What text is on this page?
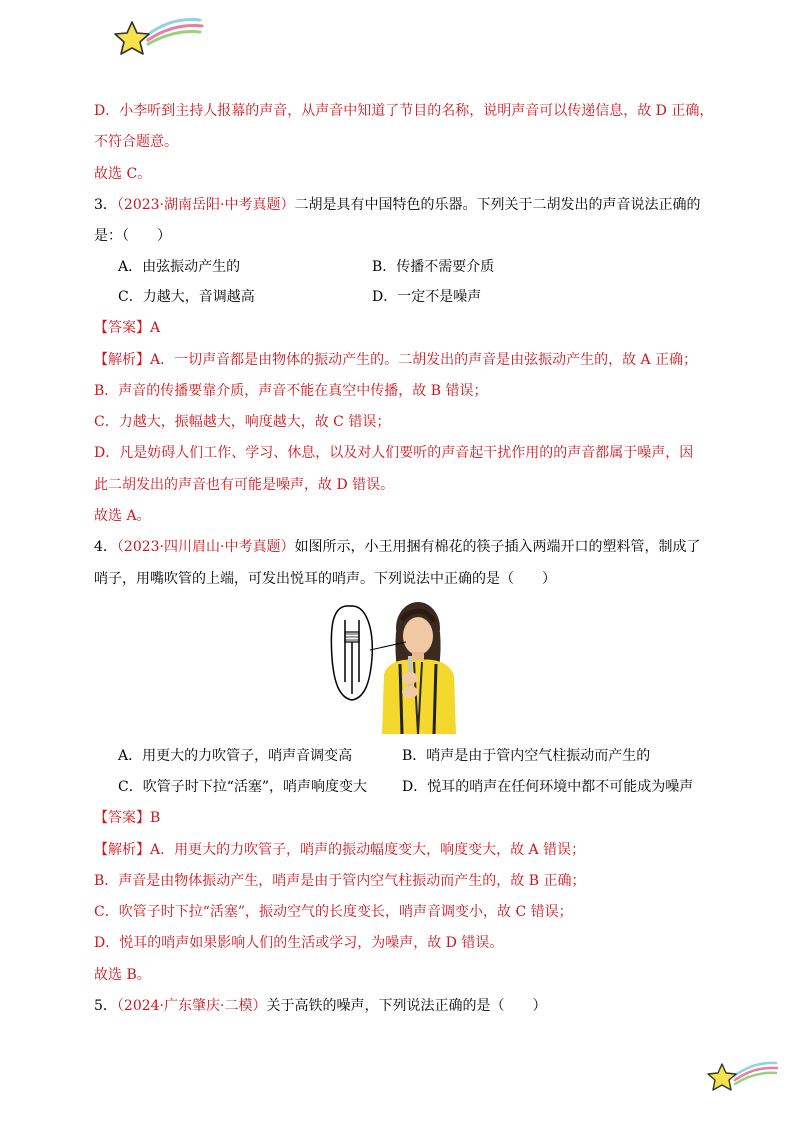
D．小李听到主持人报幕的声音，从声音中知道了节目的名称，说明声音可以传递信息，故 D 正确，
不符合题意。
故选 C。
3．（2023·湖南岳阳·中考真题）二胡是具有中国特色的乐器。下列关于二胡发出的声音说法正确的
是：（　　）
A．由弦振动产生的	B．传播不需要介质
C．力越大，音调越高	D．一定不是噪声
【答案】A
【解析】A．一切声音都是由物体的振动产生的。二胡发出的声音是由弦振动产生的，故 A 正确；
B．声音的传播要靠介质，声音不能在真空中传播，故 B 错误；
C．力越大，振幅越大，响度越大，故 C 错误；
D．凡是妨碍人们工作、学习、休息，以及对人们要听的声音起干扰作用的的声音都属于噪声，因
此二胡发出的声音也有可能是噪声，故 D 错误。
故选 A。
4．（2023·四川眉山·中考真题）如图所示，小王用捆有棉花的筷子插入两端开口的塑料管，制成了
哨子，用嘴吹管的上端，可发出悦耳的哨声。下列说法中正确的是（　　）
A．用更大的力吹管子，哨声音调变高	B．哨声是由于管内空气柱振动而产生的
C．吹管子时下拉“活塞”，哨声响度变大 D．悦耳的哨声在任何环境中都不可能成为噪声
【答案】B
【解析】A．用更大的力吹管子，哨声的振动幅度变大，响度变大，故 A 错误；
B．声音是由物体振动产生，哨声是由于管内空气柱振动而产生的，故 B 正确；
C．吹管子时下拉“活塞”，振动空气的长度变长，哨声音调变小，故 C 错误；
D．悦耳的哨声如果影响人们的生活或学习，为噪声，故 D 错误。
故选 B。
5．（2024·广东肇庆·二模）关于高铁的噪声，下列说法正确的是（　　）
